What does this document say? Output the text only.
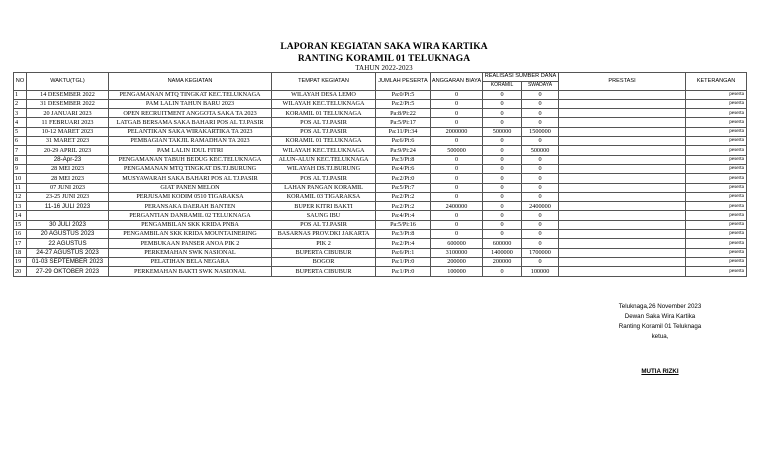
LAPORAN KEGIATAN SAKA WIRA KARTIKA
RANTING KORAMIL 01 TELUKNAGA
TAHUN 2022-2023
NO	WAKTU(TGL)	NAMA KEGIATAN	TEMPAT KEGIATAN	JUMLAH PESERTA	ANGGARAN BIAYA	REALISASI SUMBER DANA		PRESTASI	KETERANGAN
						KORAMIL	SWADAYA		
1	14 DESEMBER 2022	PENGAMANAN MTQ TINGKAT KEC.TELUKNAGA	WILAYAH DESA LEMO	Pa:0/Pi:5	0	0	0		peserta
2	31 DESEMBER 2022	PAM LALIN TAHUN BARU 2023	WILAYAH KEC.TELUKNAGA	Pa:2/Pi:5	0	0	0		peserta
3	20 JANUARI 2023	OPEN RECRUITMENT ANGGOTA SAKA TA 2023	KORAMIL 01 TELUKNAGA	Pa:8/Pi:22	0	0	0		peserta
4	11 FEBRUARI 2023	LATGAB BERSAMA SAKA BAHARI POS AL TJ.PASIR	POS AL TJ.PASIR	Pa:5/Pi:17	0	0	0		peserta
5	10-12 MARET 2023	PELANTIKAN SAKA WIRAKARTIKA TA 2023	POS AL TJ.PASIR	Pa:11/Pi:34	2000000	500000	1500000		peserta
6	31 MARET 2023	PEMBAGIAN TAKJIL RAMADHAN TA 2023	KORAMIL 01 TELUKNAGA	Pa:6/Pi:6	0	0	0		peserta
7	20-29 APRIL 2023	PAM LALIN IDUL FITRI	WILAYAH KEC.TELUKNAGA	Pa:9/Pi:24	500000	0	500000		peserta
8	28-Apr-23	PENGAMANAN TABUH BEDUG KEC.TELUKNAGA	ALUN-ALUN KEC.TELUKNAGA	Pa:3/Pi:8	0	0	0		peserta
9	28 MEI 2023	PENGAMANAN MTQ TINGKAT DS.TJ.BURUNG	WILAYAH DS.TJ.BURUNG	Pa:4/Pi:6	0	0	0		peserta
10	28 MEI 2023	MUSYAWARAH SAKA BAHARI POS AL TJ.PASIR	POS AL TJ.PASIR	Pa:2/Pi:0	0	0	0		peserta
11	07 JUNI 2023	GIAT PANEN MELON	LAHAN PANGAN KORAMIL	Pa:5/Pi:7	0	0	0		peserta
12	23-25 JUNI 2023	PERJUSAMI KODIM 0510 TIGARAKSA	KORAMIL 03 TIGARAKSA	Pa:2/Pi:2	0	0	0		peserta
13	11-16 JULI 2023	PERANSAKA DAERAH BANTEN	BUPER KITRI BAKTI	Pa:2/Pi:2	2400000	0	2400000		peserta
14		PERGANTIAN DANRAMIL 02 TELUKNAGA	SAUNG IBU	Pa:4/Pi:4	0	0	0		peserta
15	30 JULI 2023	PENGAMBILAN SKK KRIDA PNBA	POS AL TJ.PASIR	Pa:5/Pi:16	0	0	0		peserta
16	20 AGUSTUS 2023	PENGAMBILAN SKK KRIDA MOUNTAINERING	BASARNAS PROV.DKI JAKARTA	Pa:3/Pi:8	0	0	0		peserta
17	22 AGUSTUS	PEMBUKAAN PANSER ANOA PIK 2	PIK 2	Pa:2/Pi:4	600000	600000	0		peserta
18	24-27 AGUSTUS 2023	PERKEMAHAN SWK NASIONAL	BUPERTA CIBUBUR	Pa:6/Pi:1	3100000	1400000	1700000		peserta
19	01-03 SEPTEMBER 2023	PELATIHAN BELA NEGARA	BOGOR	Pa:1/Pi:0	200000	200000	0		peserta
20	27-29 OKTOBER 2023	PERKEMAHAN BAKTI SWK NASIONAL	BUPERTA CIBUBUR	Pa:1/Pi:0	100000	0	100000		peserta
Teluknaga,26 November 2023
Dewan Saka Wira Kartika
Ranting Koramil 01 Teluknaga
ketua,
MUTIA RIZKI
